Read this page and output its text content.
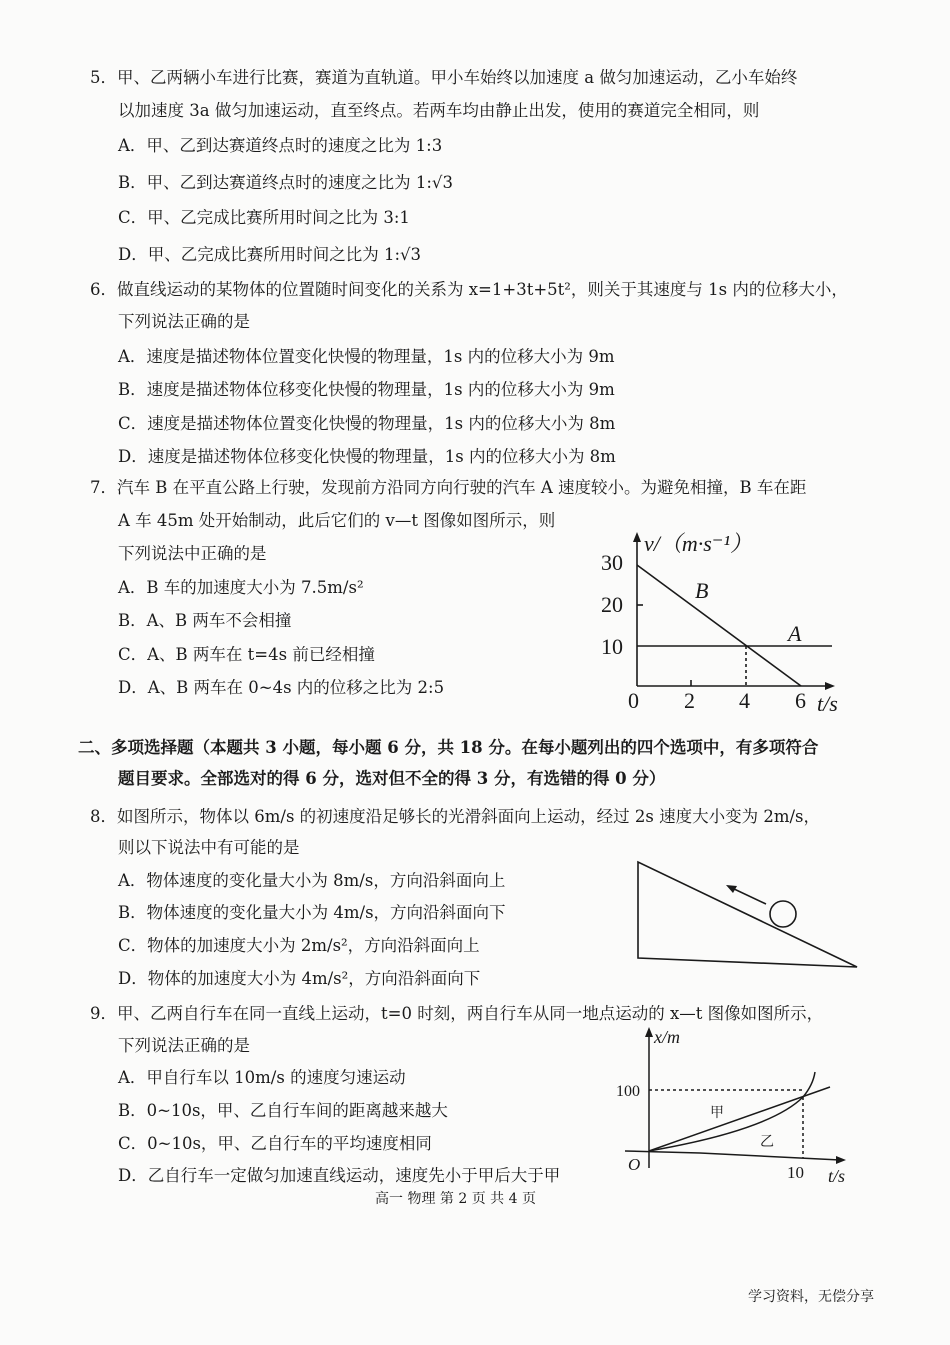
5．甲、乙两辆小车进行比赛，赛道为直轨道。甲小车始终以加速度 a 做匀加速运动，乙小车始终
以加速度 3a 做匀加速运动，直至终点。若两车均由静止出发，使用的赛道完全相同，则
A．甲、乙到达赛道终点时的速度之比为 1:3
B．甲、乙到达赛道终点时的速度之比为 1:√3
C．甲、乙完成比赛所用时间之比为 3:1
D．甲、乙完成比赛所用时间之比为 1:√3
6．做直线运动的某物体的位置随时间变化的关系为 x=1+3t+5t²，则关于其速度与 1s 内的位移大小，
下列说法正确的是
A．速度是描述物体位置变化快慢的物理量，1s 内的位移大小为 9m
B．速度是描述物体位移变化快慢的物理量，1s 内的位移大小为 9m
C．速度是描述物体位置变化快慢的物理量，1s 内的位移大小为 8m
D．速度是描述物体位移变化快慢的物理量，1s 内的位移大小为 8m
7．汽车 B 在平直公路上行驶，发现前方沿同方向行驶的汽车 A 速度较小。为避免相撞，B 车在距
A 车 45m 处开始制动，此后它们的 v—t 图像如图所示，则
下列说法中正确的是
A．B 车的加速度大小为 7.5m/s²
B．A、B 两车不会相撞
C．A、B 两车在 t=4s 前已经相撞
D．A、B 两车在 0~4s 内的位移之比为 2:5
v/（m·s⁻¹）
30
20
10
0 2 4 6 t/s
B
A
二、多项选择题（本题共 3 小题，每小题 6 分，共 18 分。在每小题列出的四个选项中，有多项符合
题目要求。全部选对的得 6 分，选对但不全的得 3 分，有选错的得 0 分）
8．如图所示，物体以 6m/s 的初速度沿足够长的光滑斜面向上运动，经过 2s 速度大小变为 2m/s，
则以下说法中有可能的是
A．物体速度的变化量大小为 8m/s，方向沿斜面向上
B．物体速度的变化量大小为 4m/s，方向沿斜面向下
C．物体的加速度大小为 2m/s²，方向沿斜面向上
D．物体的加速度大小为 4m/s²，方向沿斜面向下
9．甲、乙两自行车在同一直线上运动，t=0 时刻，两自行车从同一地点运动的 x—t 图像如图所示，
下列说法正确的是
A．甲自行车以 10m/s 的速度匀速运动
B．0~10s，甲、乙自行车间的距离越来越大
C．0~10s，甲、乙自行车的平均速度相同
D．乙自行车一定做匀加速直线运动，速度先小于甲后大于甲
x/m
100
10
O
t/s
甲
乙
高一 物理 第 2 页 共 4 页
学习资料，无偿分享
